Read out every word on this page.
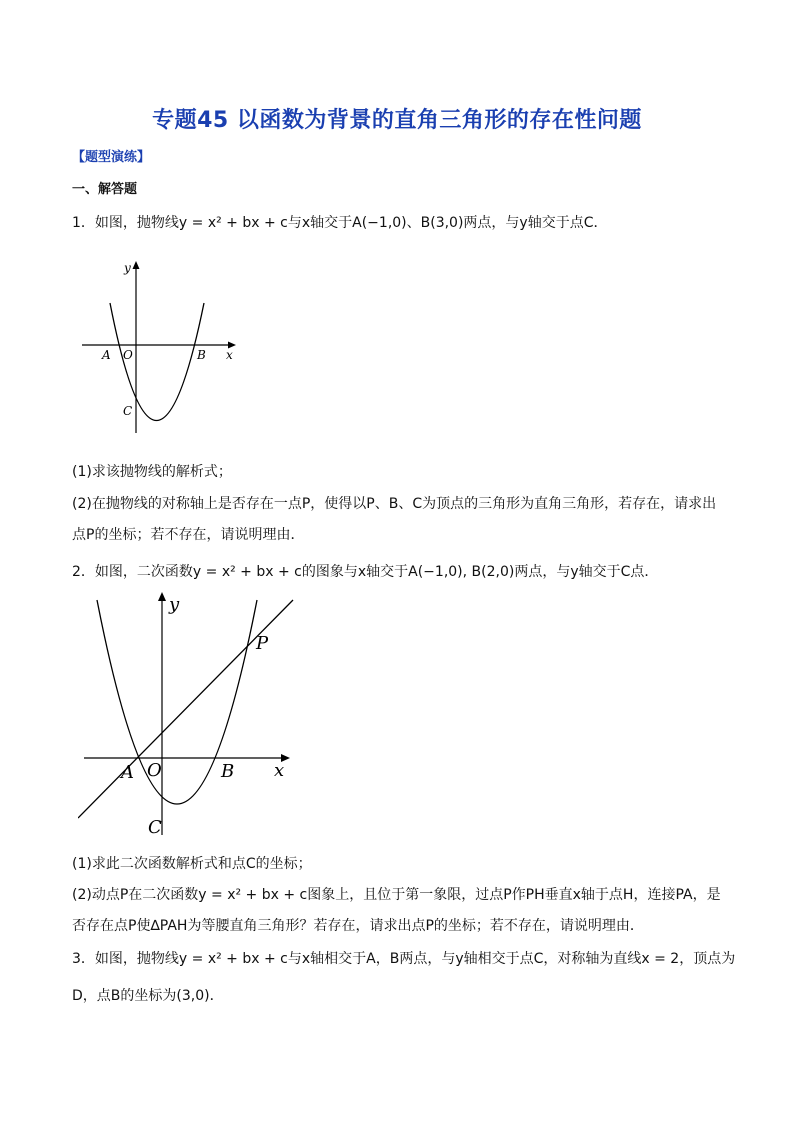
专题45 以函数为背景的直角三角形的存在性问题
【题型演练】
一、解答题
1．如图，抛物线y = x² + bx + c与x轴交于A(−1,0)、B(3,0)两点，与y轴交于点C．
y
x
A O	B
C
(1)求该抛物线的解析式；
(2)在抛物线的对称轴上是否存在一点P，使得以P、B、C为顶点的三角形为直角三角形，若存在，请求出
点P的坐标；若不存在，请说明理由．
2．如图，二次函数y = x² + bx + c的图象与x轴交于A(−1,0), B(2,0)两点，与y轴交于C点．
y
x
A O	B
C
P
(1)求此二次函数解析式和点C的坐标；
(2)动点P在二次函数y = x² + bx + c图象上，且位于第一象限，过点P作PH垂直x轴于点H，连接PA，是
否存在点P使∆PAH为等腰直角三角形？若存在，请求出点P的坐标；若不存在，请说明理由．
3．如图，抛物线y = x² + bx + c与x轴相交于A，B两点，与y轴相交于点C，对称轴为直线x = 2，顶点为
D，点B的坐标为(3,0)．
